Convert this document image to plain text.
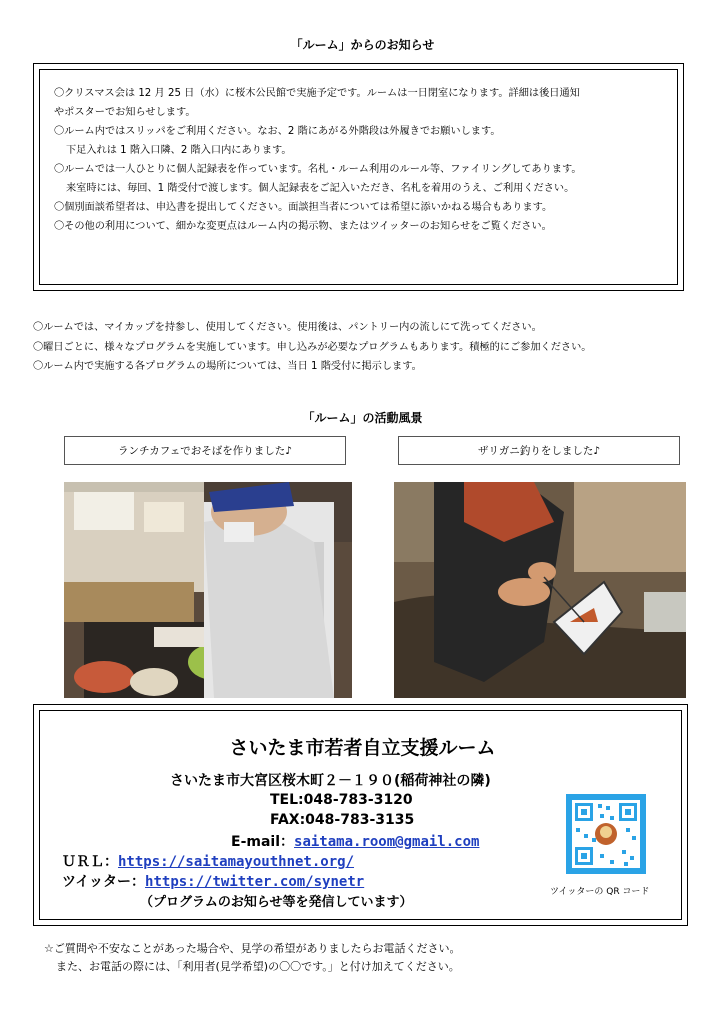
「ルーム」からのお知らせ
〇クリスマス会は 12 月 25 日（水）に桜木公民館で実施予定です。ルームは一日閉室になります。詳細は後日通知
やポスターでお知らせします。
〇ルーム内ではスリッパをご利用ください。なお、2 階にあがる外階段は外履きでお願いします。
下足入れは 1 階入口隣、2 階入口内にあります。
〇ルームでは一人ひとりに個人記録表を作っています。名札・ルーム利用のルール等、ファイリングしてあります。
来室時には、毎回、1 階受付で渡します。個人記録表をご記入いただき、名札を着用のうえ、ご利用ください。
〇個別面談希望者は、申込書を提出してください。面談担当者については希望に添いかねる場合もあります。
〇その他の利用について、細かな変更点はルーム内の掲示物、またはツイッターのお知らせをご覧ください。
〇ルームでは、マイカップを持参し、使用してください。使用後は、パントリー内の流しにて洗ってください。
〇曜日ごとに、様々なプログラムを実施しています。申し込みが必要なプログラムもあります。積極的にご参加ください。
〇ルーム内で実施する各プログラムの場所については、当日 1 階受付に掲示します。
「ルーム」の活動風景
ランチカフェでおそばを作りました♪	ザリガニ釣りをしました♪
さいたま市若者自立支援ルーム
さいたま市大宮区桜木町２－１９０(稲荷神社の隣)
TEL:048-783-3120
FAX:048-783-3135
E-mail：saitama.room@gmail.com
ＵＲＬ：https://saitamayouthnet.org/
ツイッター：https://twitter.com/synetr
（プログラムのお知らせ等を発信しています）
ツイッターの QR コード
☆ご質問や不安なことがあった場合や、見学の希望がありましたらお電話ください。
また、お電話の際には、「利用者(見学希望)の〇〇です。」と付け加えてください。
